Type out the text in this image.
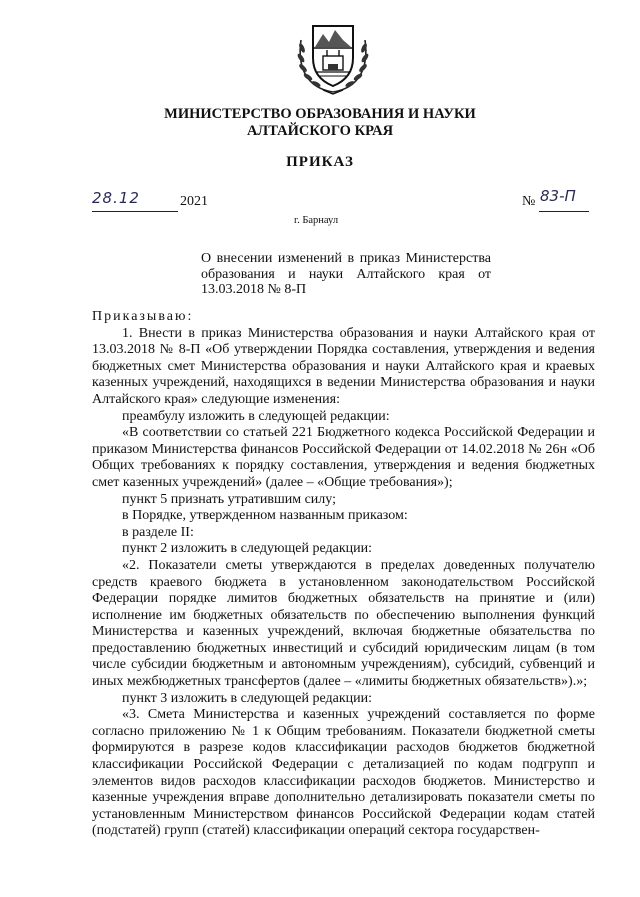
МИНИСТЕРСТВО ОБРАЗОВАНИЯ И НАУКИ
АЛТАЙСКОГО КРАЯ
ПРИКАЗ
28.12	2021	№ 83-П
г. Барнаул
О внесении изменений в приказ Министерства образования и науки Алтайского края от 13.03.2018 № 8-П

Приказываю:

1. Внести в приказ Министерства образования и науки Алтайского края от 13.03.2018 № 8-П «Об утверждении Порядка составления, утверждения и ведения бюджетных смет Министерства образования и науки Алтайского края и краевых казенных учреждений, находящихся в ведении Министерства образования и науки Алтайского края» следующие изменения:

преамбулу изложить в следующей редакции:

«В соответствии со статьей 221 Бюджетного кодекса Российской Федерации и приказом Министерства финансов Российской Федерации от 14.02.2018 № 26н «Об Общих требованиях к порядку составления, утверждения и ведения бюджетных смет казенных учреждений» (далее – «Общие требования»);

пункт 5 признать утратившим силу;

в Порядке, утвержденном названным приказом:

в разделе II:

пункт 2 изложить в следующей редакции:

«2. Показатели сметы утверждаются в пределах доведенных получателю средств краевого бюджета в установленном законодательством Российской Федерации порядке лимитов бюджетных обязательств на принятие и (или) исполнение им бюджетных обязательств по обеспечению выполнения функций Министерства и казенных учреждений, включая бюджетные обязательства по предоставлению бюджетных инвестиций и субсидий юридическим лицам (в том числе субсидии бюджетным и автономным учреждениям), субсидий, субвенций и иных межбюджетных трансфертов (далее – «лимиты бюджетных обязательств»).»;

пункт 3 изложить в следующей редакции:

«3. Смета Министерства и казенных учреждений составляется по форме согласно приложению № 1 к Общим требованиям. Показатели бюджетной сметы формируются в разрезе кодов классификации расходов бюджетов бюджетной классификации Российской Федерации с детализацией по кодам подгрупп и элементов видов расходов классификации расходов бюджетов. Министерство и казенные учреждения вправе дополнительно детализировать показатели сметы по установленным Министерством финансов Российской Федерации кодам статей (подстатей) групп (статей) классификации операций сектора государствен-
